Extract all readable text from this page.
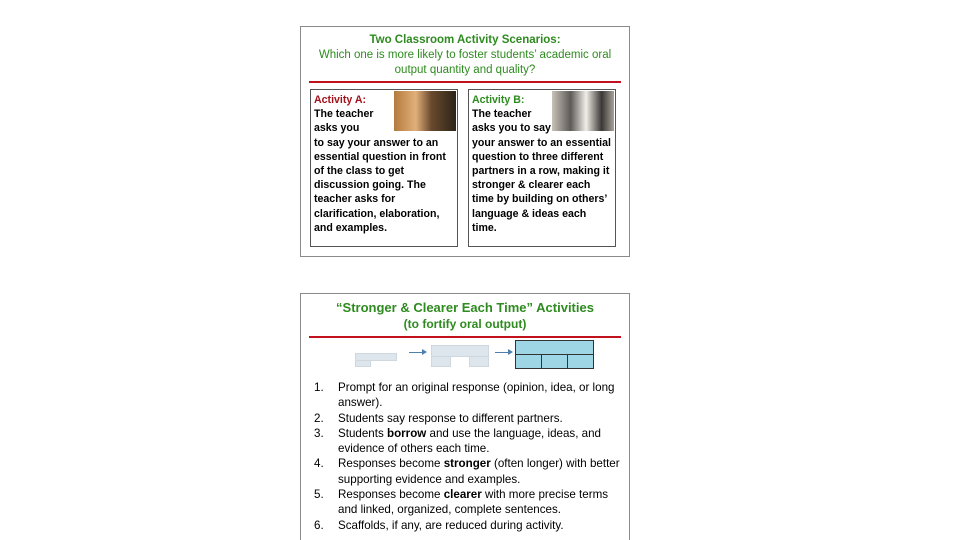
Two Classroom Activity Scenarios:
Which one is more likely to foster students’ academic oral output quantity and quality?
Activity A:
The teacher
asks you
to say your answer to an
essential question in front
of the class to get
discussion going. The
teacher asks for
clarification, elaboration,
and examples.
Activity B:
The teacher
asks you to say
your answer to an essential
question to three different
partners in a row, making it
stronger & clearer each
time by building on others’
language & ideas each
time.
“Stronger & Clearer Each Time” Activities
(to fortify oral output)
1. Prompt for an original response (opinion, idea, or long answer).
2. Students say response to different partners.
3. Students borrow and use the language, ideas, and evidence of others each time.
4. Responses become stronger (often longer) with better supporting evidence and examples.
5. Responses become clearer with more precise terms and linked, organized, complete sentences.
6. Scaffolds, if any, are reduced during activity.
